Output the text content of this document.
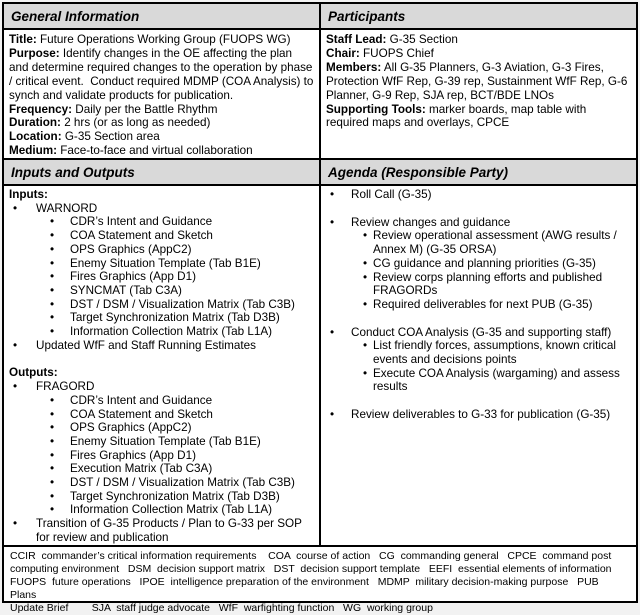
General Information	Participants
Title: Future Operations Working Group (FUOPS WG)
Purpose: Identify changes in the OE affecting the plan and determine required changes to the operation by phase / critical event.  Conduct required MDMP (COA Analysis) to synch and validate products for publication.
Frequency: Daily per the Battle Rhythm
Duration: 2 hrs (or as long as needed)
Location: G-35 Section area
Medium: Face-to-face and virtual collaboration
Staff Lead: G-35 Section
Chair: FUOPS Chief
Members: All G-35 Planners, G-3 Aviation, G-3 Fires, Protection WfF Rep, G-39 rep, Sustainment WfF Rep, G-6 Planner, G-9 Rep, SJA rep, BCT/BDE LNOs
Supporting Tools: marker boards, map table with required maps and overlays, CPCE
Inputs and Outputs	Agenda (Responsible Party)
Inputs:
• WARNORD
• CDR’s Intent and Guidance
• COA Statement and Sketch
• OPS Graphics (AppC2)
• Enemy Situation Template (Tab B1E)
• Fires Graphics (App D1)
• SYNCMAT (Tab C3A)
• DST / DSM / Visualization Matrix (Tab C3B)
• Target Synchronization Matrix (Tab D3B)
• Information Collection Matrix (Tab L1A)
• Updated WfF and Staff Running Estimates
Outputs:
• FRAGORD
• CDR’s Intent and Guidance
• COA Statement and Sketch
• OPS Graphics (AppC2)
• Enemy Situation Template (Tab B1E)
• Fires Graphics (App D1)
• Execution Matrix (Tab C3A)
• DST / DSM / Visualization Matrix (Tab C3B)
• Target Synchronization Matrix (Tab D3B)
• Information Collection Matrix (Tab L1A)
• Transition of G-35 Products / Plan to G-33 per SOP for review and publication
• Roll Call (G-35)
• Review changes and guidance
• Review operational assessment (AWG results / Annex M) (G-35 ORSA)
• CG guidance and planning priorities (G-35)
• Review corps planning efforts and published FRAGORDs
• Required deliverables for next PUB (G-35)
• Conduct COA Analysis (G-35 and supporting staff)
• List friendly forces, assumptions, known critical events and decisions points
• Execute COA Analysis (wargaming) and assess results
• Review deliverables to G-33 for publication (G-35)
CCIR  commander’s critical information requirements    COA  course of action   CG  commanding general   CPCE  command post
computing environment   DSM  decision support matrix   DST  decision support template   EEFI  essential elements of information
FUOPS  future operations   IPOE  intelligence preparation of the environment   MDMP  military decision-making purpose   PUB  Plans
Update Brief        SJA  staff judge advocate   WfF  warfighting function   WG  working group
